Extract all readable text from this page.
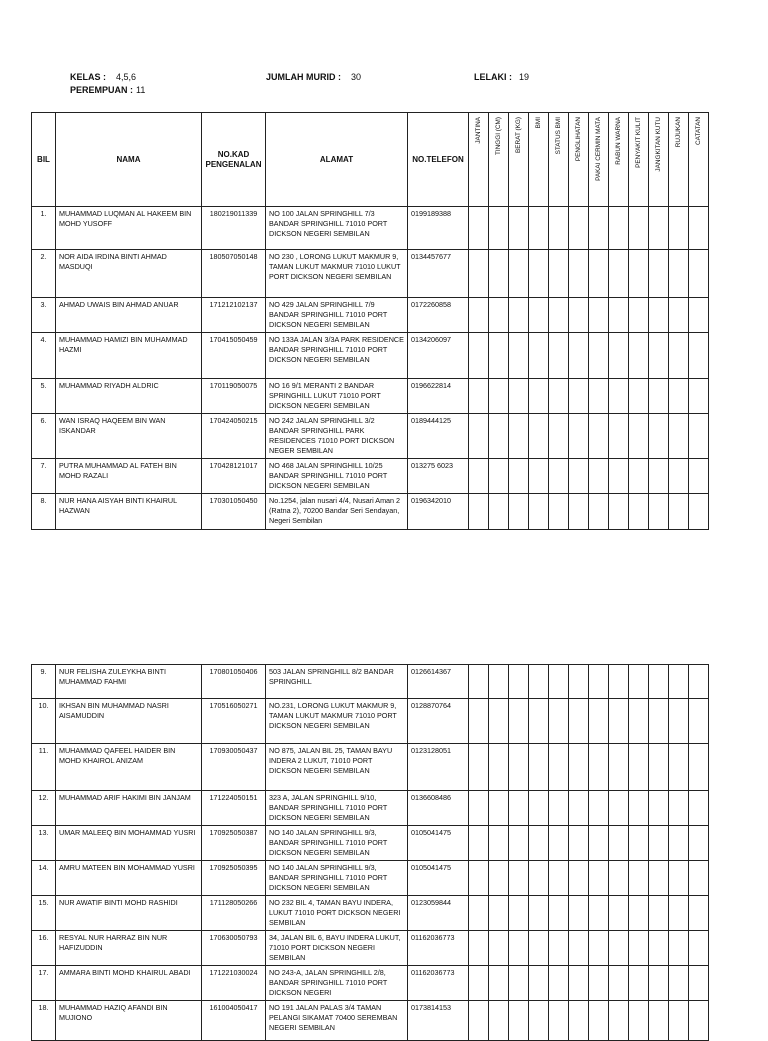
KELAS : 4,5,6	JUMLAH MURID : 30	LELAKI : 19
PEREMPUAN : 11
BIL	NAMA	NO.KAD PENGENALAN	ALAMAT	NO.TELEFON	JANTINA	TINGGI (CM)	BERAT (KG)	BMI	STATUS BMI	PENGLIHATAN	PAKAI CERMIN MATA	RABUN WARNA	PENYAKIT KULIT	JANGKITAN KUTU	RUJUKAN	CATATAN
1.	MUHAMMAD LUQMAN AL HAKEEM BIN MOHD YUSOFF	180219011339	NO 100 JALAN SPRINGHILL 7/3 BANDAR SPRINGHILL 71010 PORT DICKSON NEGERI SEMBILAN	0199189388												
2.	NOR AIDA IRDINA BINTI AHMAD MASDUQI	180507050148	NO 230 , LORONG LUKUT MAKMUR 9, TAMAN LUKUT MAKMUR 71010 LUKUT PORT DICKSON NEGERI SEMBILAN	0134457677												
3.	AHMAD UWAIS BIN AHMAD ANUAR	171212102137	NO 429 JALAN SPRINGHILL 7/9 BANDAR SPRINGHILL 71010 PORT DICKSON NEGERI SEMBILAN	0172260858												
4.	MUHAMMAD HAMIZI BIN MUHAMMAD HAZMI	170415050459	NO 133A JALAN 3/3A PARK RESIDENCE BANDAR SPRINGHILL 71010 PORT DICKSON NEGERI SEMBILAN	0134206097												
5.	MUHAMMAD RIYADH ALDRIC	170119050075	NO 16 9/1 MERANTI 2 BANDAR SPRINGHILL LUKUT 71010 PORT DICKSON NEGERI SEMBILAN	0196622814												
6.	WAN ISRAQ HAQEEM BIN WAN ISKANDAR	170424050215	NO 242 JALAN SPRINGHILL 3/2 BANDAR SPRINGHILL PARK RESIDENCES 71010 PORT DICKSON NEGER SEMBILAN	0189444125												
7.	PUTRA MUHAMMAD AL FATEH BIN MOHD RAZALI	170428121017	NO 468 JALAN SPRINGHILL 10/25 BANDAR SPRINGHILL 71010 PORT DICKSON NEGERI SEMBILAN	013275 6023												
8.	NUR HANA AISYAH BINTI KHAIRUL HAZWAN	170301050450	No.1254, jalan nusari 4/4, Nusari Aman 2 (Ratna 2), 70200 Bandar Seri Sendayan, Negeri Sembilan	0196342010												
9.	NUR FELISHA ZULEYKHA BINTI MUHAMMAD FAHMI	170801050406	503 JALAN SPRINGHILL 8/2 BANDAR SPRINGHILL	0126614367												
10.	IKHSAN BIN MUHAMMAD NASRI AISAMUDDIN	170516050271	NO.231, LORONG LUKUT MAKMUR 9, TAMAN LUKUT MAKMUR 71010 PORT DICKSON NEGERI SEMBILAN	0128870764												
11.	MUHAMMAD QAFEEL HAIDER BIN MOHD KHAIROL ANIZAM	170930050437	NO 875, JALAN BIL 25, TAMAN BAYU INDERA 2 LUKUT, 71010 PORT DICKSON NEGERI SEMBILAN	0123128051												
12.	MUHAMMAD ARIF HAKIMI BIN JANJAM	171224050151	323 A, JALAN SPRINGHILL 9/10, BANDAR SPRINGHILL 71010 PORT DICKSON NEGERI SEMBILAN	0136608486												
13.	UMAR MALEEQ BIN MOHAMMAD YUSRI	170925050387	NO 140 JALAN SPRINGHILL 9/3, BANDAR SPRINGHILL 71010 PORT DICKSON NEGERI SEMBILAN	0105041475												
14.	AMRU MATEEN BIN MOHAMMAD YUSRI	170925050395	NO 140 JALAN SPRINGHILL 9/3, BANDAR SPRINGHILL 71010 PORT DICKSON NEGERI SEMBILAN	0105041475												
15.	NUR AWATIF BINTI MOHD RASHIDI	171128050266	NO 232 BIL 4, TAMAN BAYU INDERA, LUKUT 71010 PORT DICKSON NEGERI SEMBILAN	0123059844												
16.	RESYAL NUR HARRAZ BIN NUR HAFIZUDDIN	170630050793	34, JALAN BIL 6, BAYU INDERA LUKUT, 71010 PORT DICKSON NEGERI SEMBILAN	01162036773												
17.	AMMARA BINTI MOHD KHAIRUL ABADI	171221030024	NO 243-A, JALAN SPRINGHILL 2/8, BANDAR SPRINGHILL 71010 PORT DICKSON NEGERI	01162036773												
18.	MUHAMMAD HAZIQ AFANDI BIN MUJIONO	161004050417	NO 191 JALAN PALAS 3/4 TAMAN PELANGI SIKAMAT 70400 SEREMBAN NEGERI SEMBILAN	0173814153												
